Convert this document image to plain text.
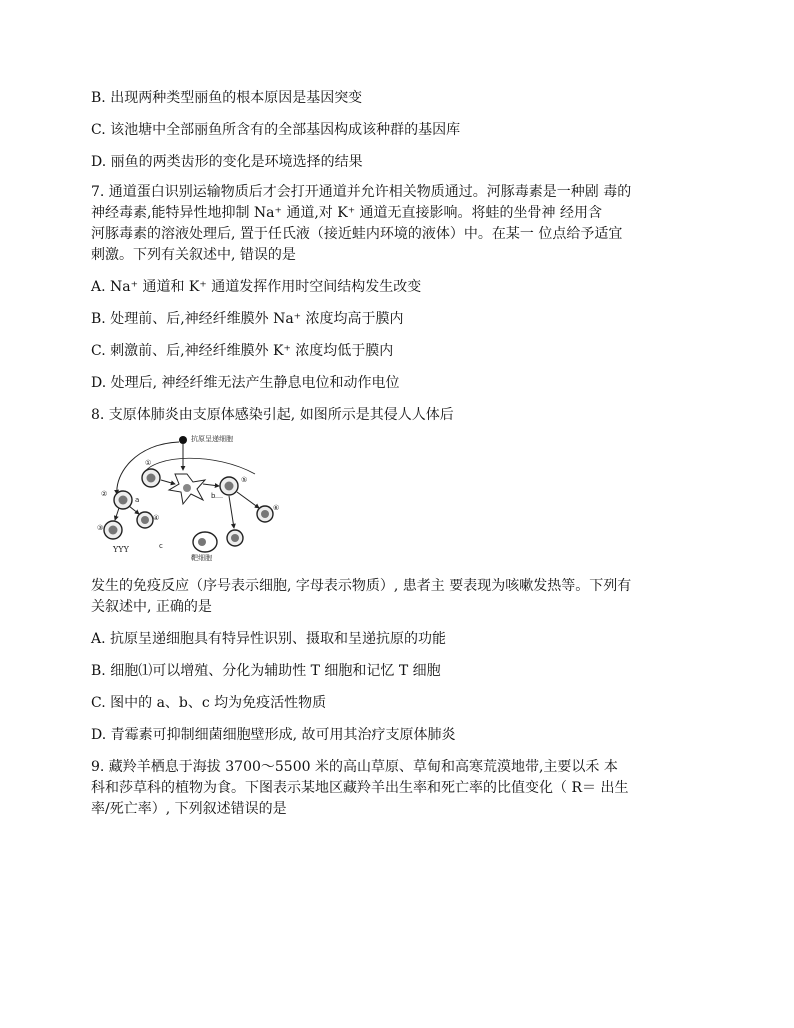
B. 出现两种类型丽鱼的根本原因是基因突变

C. 该池塘中全部丽鱼所含有的全部基因构成该种群的基因库

D. 丽鱼的两类齿形的变化是环境选择的结果

7. 通道蛋白识别运输物质后才会打开通道并允许相关物质通过。河豚毒素是一种剧 毒的

神经毒素,能特异性地抑制 Na⁺ 通道,对 K⁺ 通道无直接影响。将蛙的坐骨神 经用含

河豚毒素的溶液处理后, 置于任氏液（接近蛙内环境的液体）中。在某一 位点给予适宜

刺激。下列有关叙述中, 错误的是

A. Na⁺ 通道和 K⁺ 通道发挥作用时空间结构发生改变

B. 处理前、后,神经纤维膜外 Na⁺ 浓度均高于膜内

C. 刺激前、后,神经纤维膜外 K⁺ 浓度均低于膜内

D. 处理后, 神经纤维无法产生静息电位和动作电位

8. 支原体肺炎由支原体感染引起, 如图所示是其侵人人体后

YYY
‥‥
抗原呈递细胞
①
②
③
④
⑤
⑥
a	b
c
靶细胞

发生的免疫反应（序号表示细胞, 字母表示物质）, 患者主 要表现为咳嗽发热等。下列有

关叙述中, 正确的是

A. 抗原呈递细胞具有特异性识别、摄取和呈递抗原的功能

B. 细胞⑴可以增殖、分化为辅助性 T 细胞和记忆 T 细胞

C. 图中的 a、b、c 均为免疫活性物质

D. 青霉素可抑制细菌细胞壁形成, 故可用其治疗支原体肺炎

9. 藏羚羊栖息于海拔 3700～5500 米的高山草原、草甸和高寒荒漠地带,主要以禾 本

科和莎草科的植物为食。下图表示某地区藏羚羊出生率和死亡率的比值变化（ R＝ 出生

率/死亡率）, 下列叙述错误的是
